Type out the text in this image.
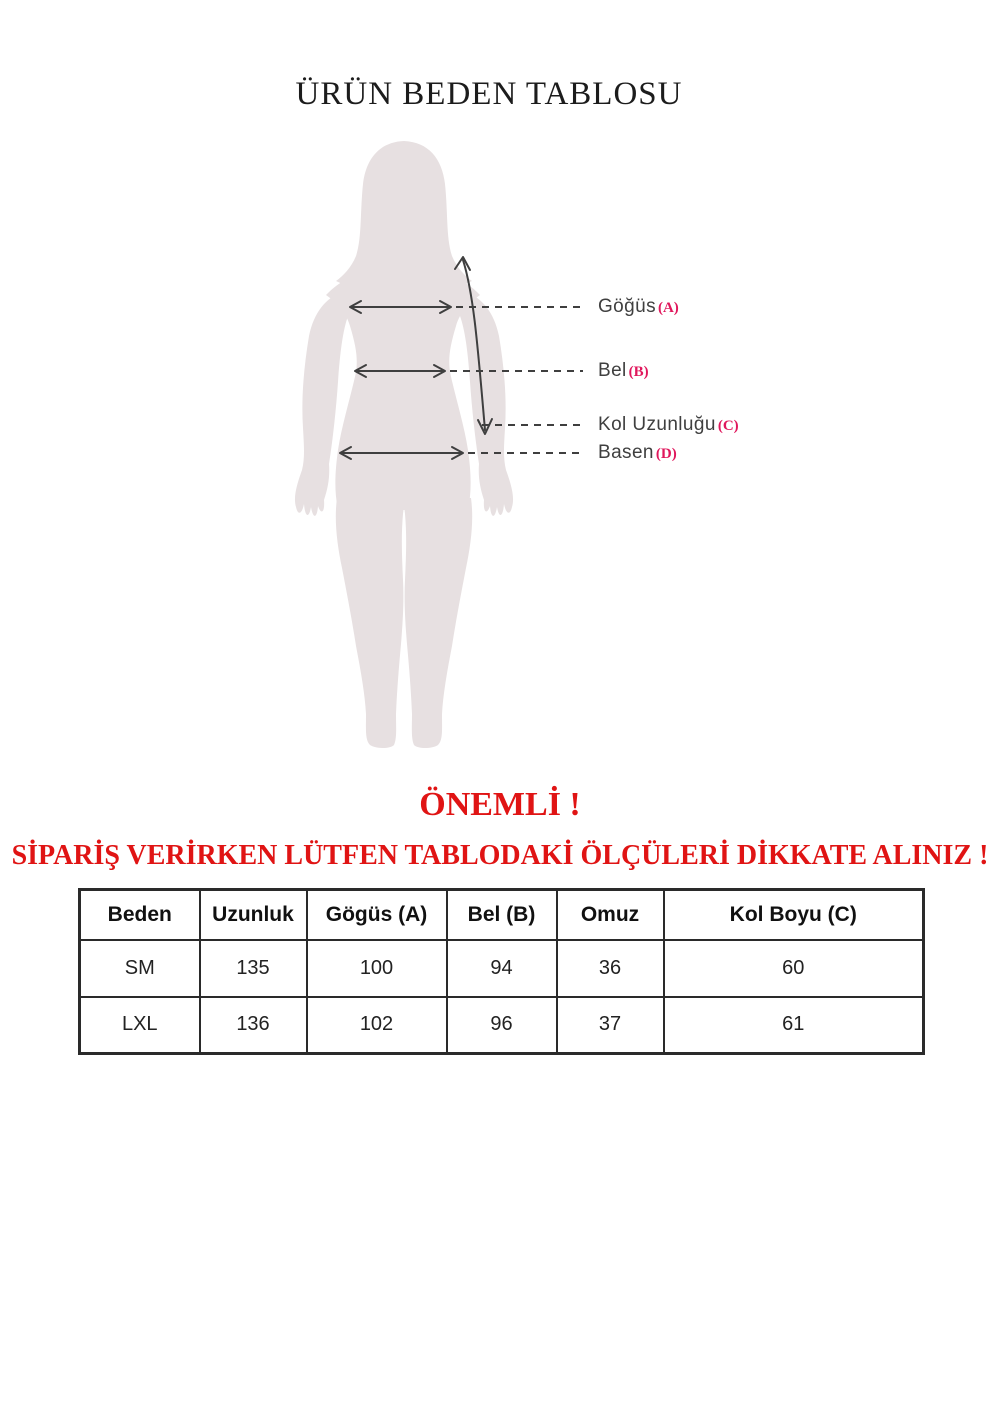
ÜRÜN BEDEN TABLOSU
Göğüs (A)
Bel (B)
Kol Uzunluğu (C)
Basen (D)
ÖNEMLİ !
SİPARİŞ VERİRKEN LÜTFEN TABLODAKİ ÖLÇÜLERİ DİKKATE ALINIZ !
Beden	Uzunluk	Gögüs (A)	Bel (B)	Omuz	Kol Boyu (C)
SM	135	100	94	36	60
LXL	136	102	96	37	61
